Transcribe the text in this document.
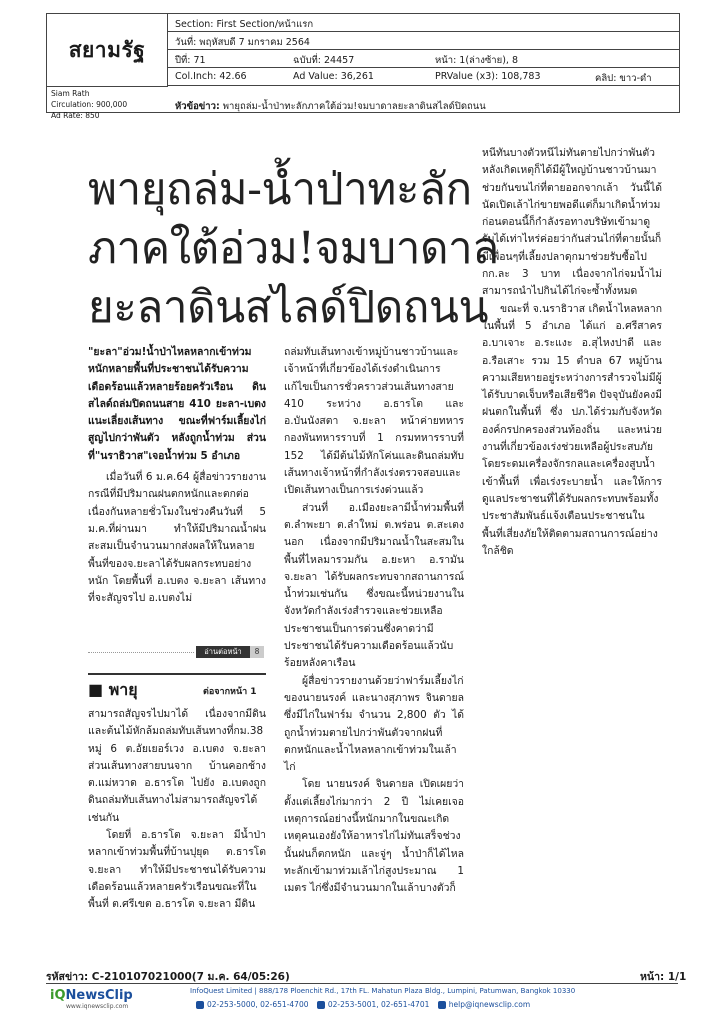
สยามรัฐ
Siam Rath
Circulation: 900,000
Ad Rate: 850
Section: First Section/หน้าแรก
วันที่: พฤหัสบดี 7 มกราคม 2564
ปีที่: 71	ฉบับที่: 24457	หน้า: 1(ล่างซ้าย), 8
Col.Inch: 42.66	Ad Value: 36,261	PRValue (x3): 108,783	คลิป: ขาว-ดำ
หัวข้อข่าว: พายุถล่ม-น้ำป่าทะลักภาคใต้อ่วม!จมบาดาลยะลาดินสไลด์ปิดถนน
พายุถล่ม-น้ำป่าทะลัก
ภาคใต้อ่วม!จมบาดาล
ยะลาดินสไลด์ปิดถนน

"ยะลา"อ่วม!น้ำป่าไหลหลากเข้าท่วมหนักหลายพื้นที่ประชาชนได้รับความเดือดร้อนแล้วหลายร้อยครัวเรือน ดินสไลด์ถล่มปิดถนนสาย 410 ยะลา-เบตง แนะเลี่ยงเส้นทาง ขณะที่ฟาร์มเลี้ยงไก่สูญไปกว่าพันตัว หลังถูกน้ำท่วม ส่วนที่"นราธิวาส"เจอน้ำท่วม 5 อำเภอ

เมื่อวันที่ 6 ม.ค.64 ผู้สื่อข่าวรายงานกรณีที่มีปริมาณฝนตกหนักและตกต่อเนื่องกันหลายชั่วโมงในช่วงคืนวันที่ 5 ม.ค.ที่ผ่านมา ทำให้มีปริมาณน้ำฝนสะสมเป็นจำนวนมากส่งผลให้ในหลายพื้นที่ของจ.ยะลาได้รับผลกระทบอย่างหนัก โดยพื้นที่ อ.เบตง จ.ยะลา เส้นทางที่จะสัญจรไป อ.เบตงไม่

อ่านต่อหน้า	8
■ พายุ	ต่อจากหน้า 1

สามารถสัญจรไปมาได้ เนื่องจากมีดินและต้นไม้หักล้มถล่มทับเส้นทางที่กม.38 หมู่ 6 ต.อัยเยอร์เวง อ.เบตง จ.ยะลา ส่วนเส้นทางสายบนจาก บ้านคอกช้าง ต.แม่หวาด อ.ธารโต ไปยัง อ.เบตงถูกดินถล่มทับเส้นทางไม่สามารถสัญจรได้เช่นกัน

โดยที่ อ.ธารโต จ.ยะลา มีน้ำป่าหลากเข้าท่วมพื้นที่บ้านปุยุด ต.ธารโต จ.ยะลา ทำให้มีประชาชนได้รับความเดือดร้อนแล้วหลายครัวเรือนขณะที่ในพื้นที่ ต.ศรีเขต อ.ธารโต จ.ยะลา มีดิน

ถล่มทับเส้นทางเข้าหมู่บ้านชาวบ้านและเจ้าหน้าที่เกี่ยวข้องได้เร่งดำเนินการแก้ไขเป็นการชั่วคราวส่วนเส้นทางสาย 410 ระหว่าง อ.ธารโต และ อ.บันนังสตา จ.ยะลา หน้าค่ายทหารกองพันทหารราบที่ 1 กรมทหารราบที่ 152 ได้มีต้นไม้หักโค่นและดินถล่มทับเส้นทางเจ้าหน้าที่กำลังเร่งตรวจสอบและเปิดเส้นทางเป็นการเร่งด่วนแล้ว

ส่วนที่ อ.เมืองยะลามีน้ำท่วมพื้นที่ ต.ลำพะยา ต.ลำใหม่ ต.พร่อน ต.สะเตงนอก เนื่องจากมีปริมาณน้ำในสะสมในพื้นที่ไหลมารวมกัน อ.ยะหา อ.รามัน จ.ยะลา ได้รับผลกระทบจากสถานการณ์น้ำท่วมเช่นกัน ซึ่งขณะนี้หน่วยงานในจังหวัดกำลังเร่งสำรวจและช่วยเหลือประชาชนเป็นการด่วนซึ่งคาดว่ามีประชาชนได้รับความเดือดร้อนแล้วนับร้อยหลังคาเรือน

ผู้สื่อข่าวรายงานด้วยว่าฟาร์มเลี้ยงไก่ของนายนรงค์ และนางสุภาพร จินดายล ซึ่งมีไก่ในฟาร์ม จำนวน 2,800 ตัว ได้ถูกน้ำท่วมตายไปกว่าพันตัวจากฝนที่ตกหนักและน้ำไหลหลากเข้าท่วมในเล้าไก่

โดย นายนรงค์ จินดายล เปิดเผยว่า ตั้งแต่เลี้ยงไก่มากว่า 2 ปี ไม่เคยเจอเหตุการณ์อย่างนี้หนักมากในขณะเกิดเหตุคนเองยังให้อาหารไก่ไม่ทันเสร็จช่วงนั้นฝนก็ตกหนัก และจู่ๆ น้ำป่าก็ได้ไหลทะลักเข้ามาท่วมเล้าไก่สูงประมาณ 1 เมตร ไก่ซึ่งมีจำนวนมากในเล้าบางตัวก็

หนีทันบางตัวหนีไม่ทันตายไปกว่าพันตัวหลังเกิดเหตุก็ได้มีผู้ใหญ่บ้านชาวบ้านมาช่วยกันขนไก่ที่ตายออกจากเล้า วันนี้ได้นัดเปิดเล้าไก่ขายพอดีแต่ก็มาเกิดน้ำท่วมก่อนตอนนี้ก็กำลังรอทางบริษัทเข้ามาดูรับได้เท่าไหร่ค่อยว่ากันส่วนไก่ที่ตายนั้นก็มีเพื่อนๆที่เลี้ยงปลาดุกมาช่วยรับซื้อไปกก.ละ 3 บาท เนื่องจากไก่จมน้ำไม่สามารถนำไปกินได้ไก่จะซ้ำทั้งหมด

ขณะที่ จ.นราธิวาส เกิดน้ำไหลหลากในพื้นที่ 5 อำเภอ ได้แก่ อ.ศรีสาคร อ.บาเจาะ อ.ระแงะ อ.สุไหงปาดี และ อ.รือเสาะ รวม 15 ตำบล 67 หมู่บ้าน ความเสียหายอยู่ระหว่างการสำรวจไม่มีผู้ได้รับบาดเจ็บหรือเสียชีวิต ปัจจุบันยังคงมีฝนตกในพื้นที่ ซึ่ง ปภ.ได้ร่วมกับจังหวัดองค์กรปกครองส่วนท้องถิ่น และหน่วยงานที่เกี่ยวข้องเร่งช่วยเหลือผู้ประสบภัยโดยระดมเครื่องจักรกลและเครื่องสูบน้ำเข้าพื้นที่ เพื่อเร่งระบายน้ำ และให้การดูแลประชาชนที่ได้รับผลกระทบพร้อมทั้งประชาสัมพันธ์แจ้งเตือนประชาชนในพื้นที่เสี่ยงภัยให้ติดตามสถานการณ์อย่างใกล้ชิด

รหัสข่าว: C-210107021000(7 ม.ค. 64/05:26)	หน้า: 1/1
iQNewsClip
www.iqnewsclip.com
InfoQuest Limited | 888/178 Ploenchit Rd., 17th FL. Mahatun Plaza Bldg., Lumpini, Patumwan, Bangkok 10330
02-253-5000, 02-651-4700	02-253-5001, 02-651-4701	help@iqnewsclip.com
